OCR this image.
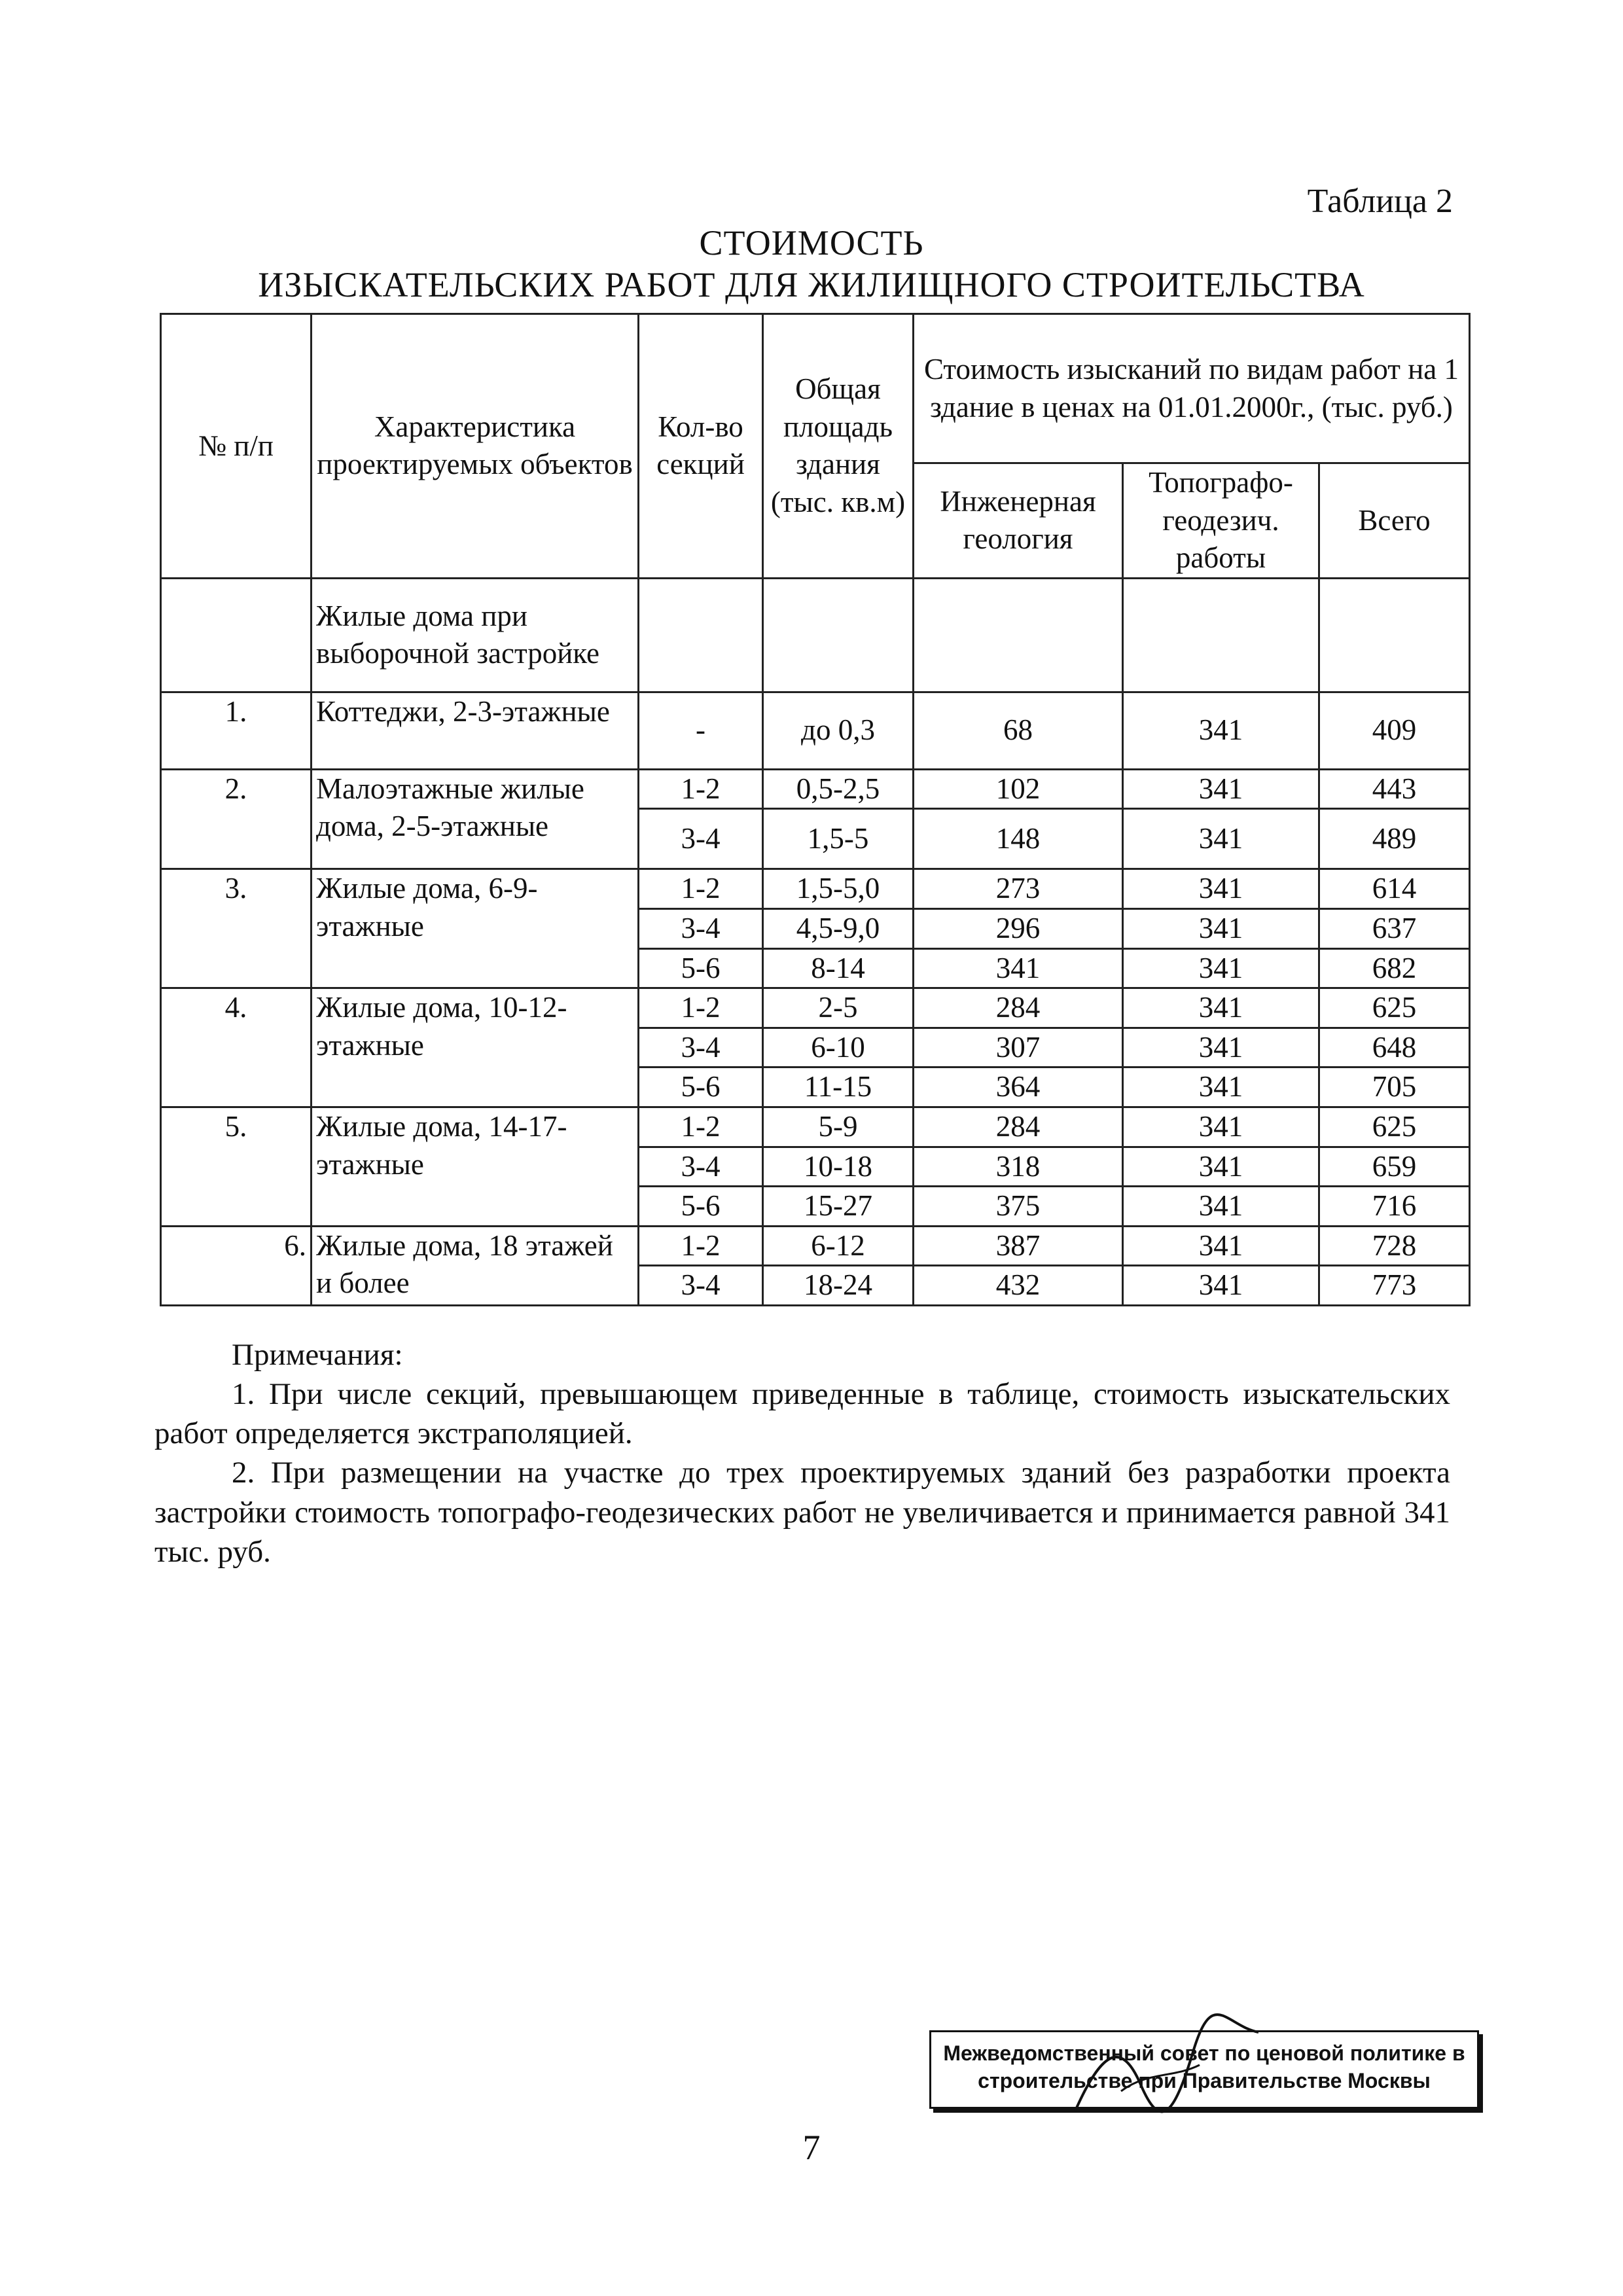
Таблица 2
СТОИМОСТЬ
ИЗЫСКАТЕЛЬСКИХ РАБОТ ДЛЯ ЖИЛИЩНОГО СТРОИТЕЛЬСТВА
№ п/п	Характеристика проектируемых объектов	Кол-во секций	Общая площадь здания (тыс. кв.м)	Стоимость изысканий по видам работ на 1 здание в ценах на 01.01.2000г., (тыс. руб.)		
				Инженерная геология	Топографо-геодезич. работы	Всего
	Жилые дома при выборочной застройке					
1.	Коттеджи, 2-3-этажные	-	до 0,3	68	341	409
2.	Малоэтажные жилые дома, 2-5-этажные	1-2	0,5-2,5	102	341	443
		3-4	1,5-5	148	341	489
3.	Жилые дома, 6-9-этажные	1-2	1,5-5,0	273	341	614
		3-4	4,5-9,0	296	341	637
		5-6	8-14	341	341	682
4.	Жилые дома, 10-12-этажные	1-2	2-5	284	341	625
		3-4	6-10	307	341	648
		5-6	11-15	364	341	705
5.	Жилые дома, 14-17-этажные	1-2	5-9	284	341	625
		3-4	10-18	318	341	659
		5-6	15-27	375	341	716
6.	Жилые дома, 18 этажей и более	1-2	6-12	387	341	728
		3-4	18-24	432	341	773

Примечания:

1. При числе секций, превышающем приведенные в таблице, стоимость изыскательских работ определяется экстраполяцией.

2. При размещении на участке до трех проектируемых зданий без разработки проекта застройки стоимость топографо-геодезических работ не увеличивается и принимается равной 341 тыс. руб.

Межведомственный совет по ценовой политике в
строительстве при Правительстве Москвы
7
